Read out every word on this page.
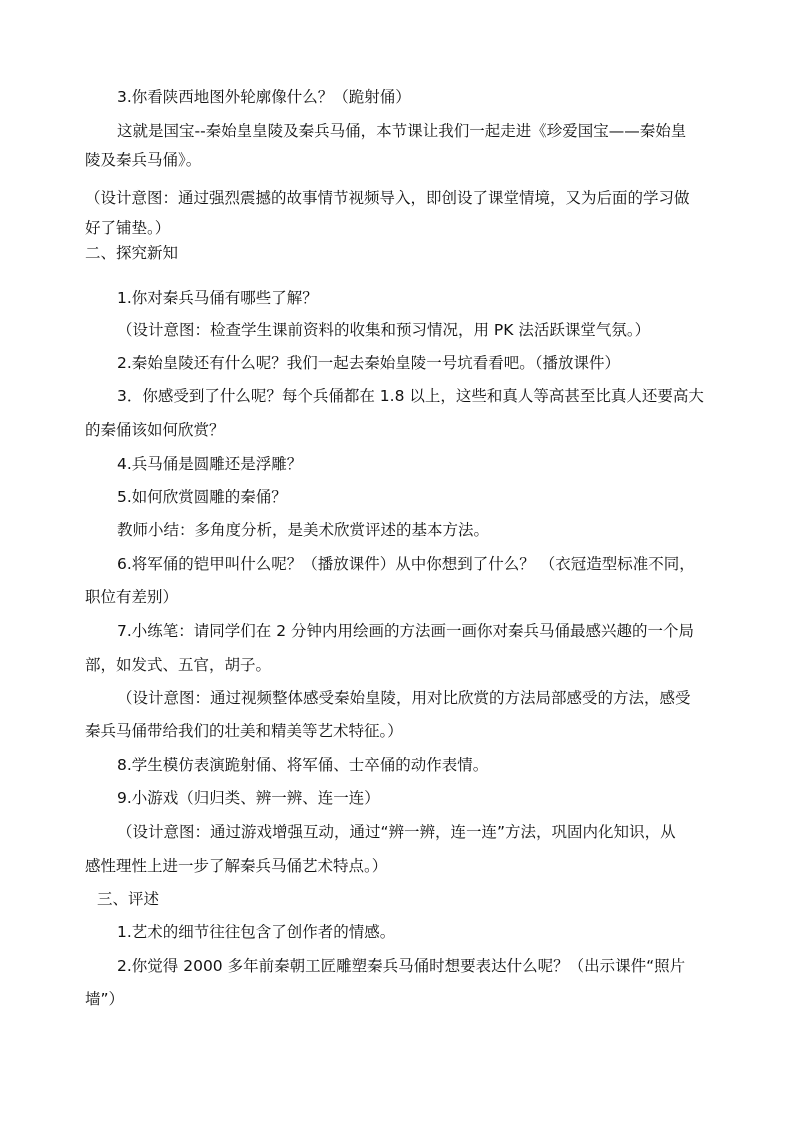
3.你看陕西地图外轮廓像什么？（跪射俑）
这就是国宝--秦始皇皇陵及秦兵马俑，本节课让我们一起走进《珍爱国宝——秦始皇
陵及秦兵马俑》。
（设计意图：通过强烈震撼的故事情节视频导入，即创设了课堂情境，又为后面的学习做
好了铺垫。）
二、探究新知
1.你对秦兵马俑有哪些了解？
（设计意图：检查学生课前资料的收集和预习情况，用 PK 法活跃课堂气氛。）
2.秦始皇陵还有什么呢？我们一起去秦始皇陵一号坑看看吧。（播放课件）
3．你感受到了什么呢？每个兵俑都在 1.8 以上，这些和真人等高甚至比真人还要高大
的秦俑该如何欣赏？
4.兵马俑是圆雕还是浮雕？
5.如何欣赏圆雕的秦俑？
教师小结：多角度分析，是美术欣赏评述的基本方法。
6.将军俑的铠甲叫什么呢？（播放课件）从中你想到了什么？ （衣冠造型标准不同，
职位有差别）
7.小练笔：请同学们在 2 分钟内用绘画的方法画一画你对秦兵马俑最感兴趣的一个局
部，如发式、五官，胡子。
（设计意图：通过视频整体感受秦始皇陵，用对比欣赏的方法局部感受的方法，感受
秦兵马俑带给我们的壮美和精美等艺术特征。）
8.学生模仿表演跪射俑、将军俑、士卒俑的动作表情。
9.小游戏（归归类、辨一辨、连一连）
（设计意图：通过游戏增强互动，通过“辨一辨，连一连”方法，巩固内化知识，从
感性理性上进一步了解秦兵马俑艺术特点。）
三、评述
1.艺术的细节往往包含了创作者的情感。
2.你觉得 2000 多年前秦朝工匠雕塑秦兵马俑时想要表达什么呢？（出示课件“照片
墙”）
